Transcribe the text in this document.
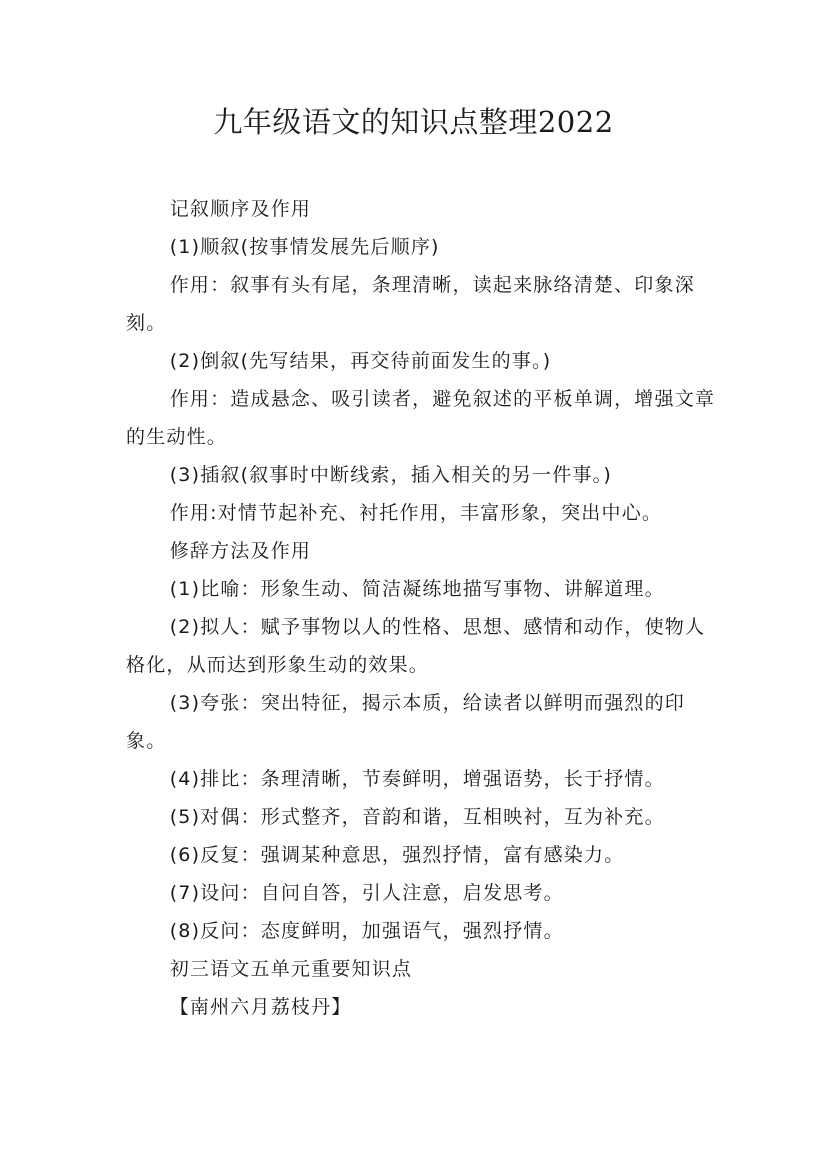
九年级语文的知识点整理2022

记叙顺序及作用

(1)顺叙(按事情发展先后顺序)

作用：叙事有头有尾，条理清晰，读起来脉络清楚、印象深刻。

(2)倒叙(先写结果，再交待前面发生的事。)

作用：造成悬念、吸引读者，避免叙述的平板单调，增强文章的生动性。

(3)插叙(叙事时中断线索，插入相关的另一件事。)

作用:对情节起补充、衬托作用，丰富形象，突出中心。

修辞方法及作用

(1)比喻：形象生动、简洁凝练地描写事物、讲解道理。

(2)拟人：赋予事物以人的性格、思想、感情和动作，使物人格化，从而达到形象生动的效果。

(3)夸张：突出特征，揭示本质，给读者以鲜明而强烈的印象。

(4)排比：条理清晰，节奏鲜明，增强语势，长于抒情。

(5)对偶：形式整齐，音韵和谐，互相映衬，互为补充。

(6)反复：强调某种意思，强烈抒情，富有感染力。

(7)设问：自问自答，引人注意，启发思考。

(8)反问：态度鲜明，加强语气，强烈抒情。

初三语文五单元重要知识点

【南州六月荔枝丹】
